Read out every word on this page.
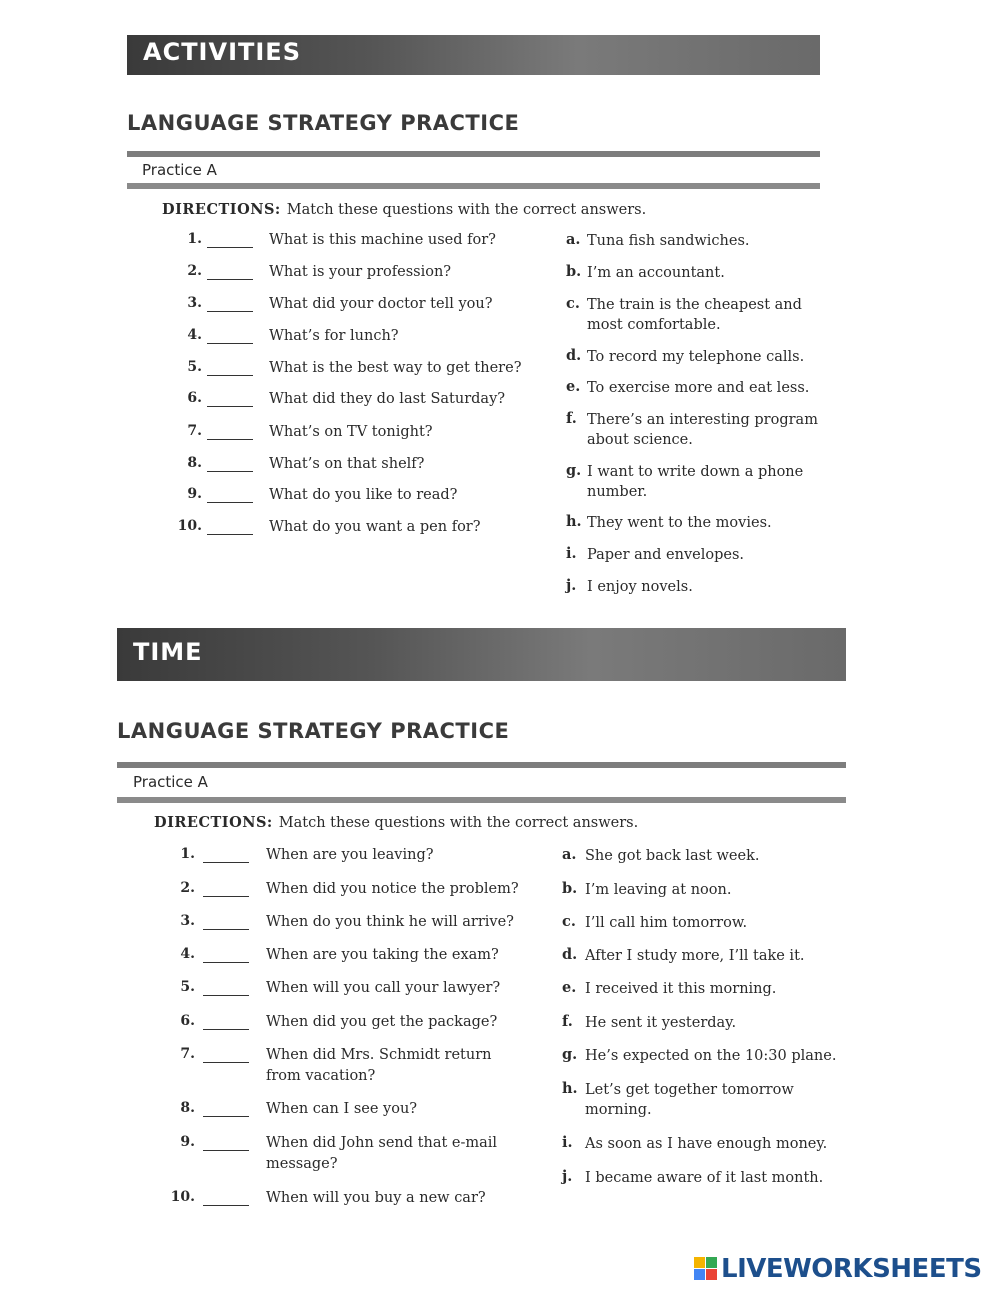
ACTIVITIES
LANGUAGE STRATEGY PRACTICE
Practice A
DIRECTIONS: Match these questions with the correct answers.
1.	What is this machine used for?
2.	What is your profession?
3.	What did your doctor tell you?
4.	What’s for lunch?
5.	What is the best way to get there?
6.	What did they do last Saturday?
7.	What’s on TV tonight?
8.	What’s on that shelf?
9.	What do you like to read?
10.	What do you want a pen for?
a. Tuna fish sandwiches.
b. I’m an accountant.
c. The train is the cheapest and
most comfortable.
d. To record my telephone calls.
e. To exercise more and eat less.
f. There’s an interesting program
about science.
g. I want to write down a phone
number.
h. They went to the movies.
i. Paper and envelopes.
j. I enjoy novels.
TIME
LANGUAGE STRATEGY PRACTICE
Practice A
DIRECTIONS: Match these questions with the correct answers.
1.	When are you leaving?
2.	When did you notice the problem?
3.	When do you think he will arrive?
4.	When are you taking the exam?
5.	When will you call your lawyer?
6.	When did you get the package?
7.	When did Mrs. Schmidt return
from vacation?
8.	When can I see you?
9.	When did John send that e-mail
message?
10.	When will you buy a new car?
a. She got back last week.
b. I’m leaving at noon.
c. I’ll call him tomorrow.
d. After I study more, I’ll take it.
e. I received it this morning.
f. He sent it yesterday.
g. He’s expected on the 10:30 plane.
h. Let’s get together tomorrow
morning.
i. As soon as I have enough money.
j. I became aware of it last month.
LIVEWORKSHEETS
